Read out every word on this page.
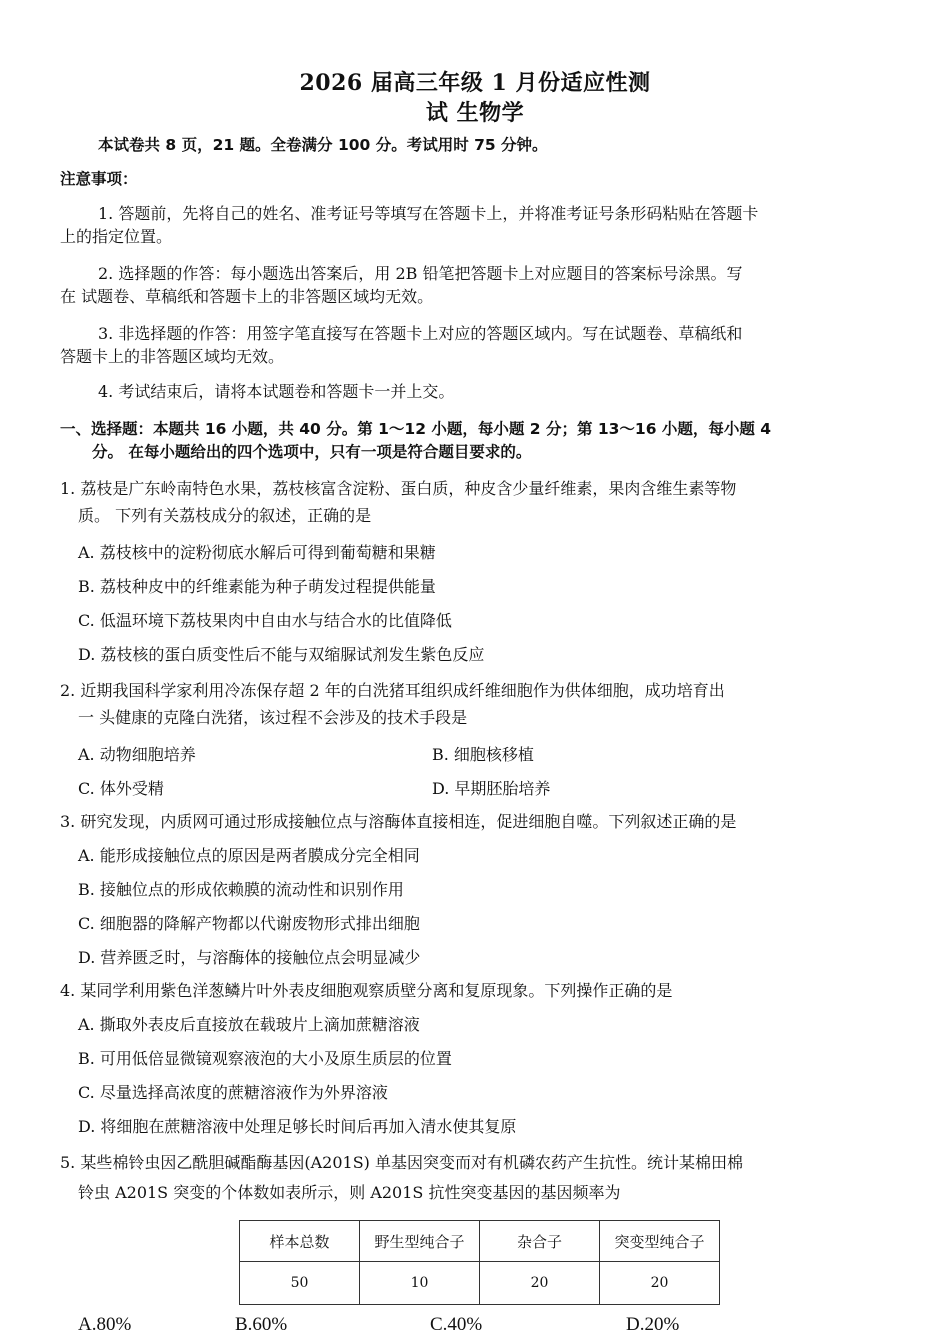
2026 届高三年级 1 月份适应性测
试 生物学
本试卷共 8 页，21 题。全卷满分 100 分。考试用时 75 分钟。
注意事项：
1. 答题前，先将自己的姓名、准考证号等填写在答题卡上，并将准考证号条形码粘贴在答题卡
上的指定位置。
2. 选择题的作答：每小题选出答案后，用 2B 铅笔把答题卡上对应题目的答案标号涂黑。写
在 试题卷、草稿纸和答题卡上的非答题区域均无效。
3. 非选择题的作答：用签字笔直接写在答题卡上对应的答题区域内。写在试题卷、草稿纸和
答题卡上的非答题区域均无效。
4. 考试结束后，请将本试题卷和答题卡一并上交。
一、选择题：本题共 16 小题，共 40 分。第 1～12 小题，每小题 2 分；第 13～16 小题，每小题 4
分。 在每小题给出的四个选项中，只有一项是符合题目要求的。
1. 荔枝是广东岭南特色水果，荔枝核富含淀粉、蛋白质，种皮含少量纤维素，果肉含维生素等物
质。 下列有关荔枝成分的叙述，正确的是
A. 荔枝核中的淀粉彻底水解后可得到葡萄糖和果糖
B. 荔枝种皮中的纤维素能为种子萌发过程提供能量
C. 低温环境下荔枝果肉中自由水与结合水的比值降低
D. 荔枝核的蛋白质变性后不能与双缩脲试剂发生紫色反应
2. 近期我国科学家利用冷冻保存超 2 年的白洗猪耳组织成纤维细胞作为供体细胞，成功培育出
一 头健康的克隆白洗猪，该过程不会涉及的技术手段是
A. 动物细胞培养	B. 细胞核移植
C. 体外受精	D. 早期胚胎培养
3. 研究发现，内质网可通过形成接触位点与溶酶体直接相连，促进细胞自噬。下列叙述正确的是
A. 能形成接触位点的原因是两者膜成分完全相同
B. 接触位点的形成依赖膜的流动性和识别作用
C. 细胞器的降解产物都以代谢废物形式排出细胞
D. 营养匮乏时，与溶酶体的接触位点会明显减少
4. 某同学利用紫色洋葱鳞片叶外表皮细胞观察质壁分离和复原现象。下列操作正确的是
A. 撕取外表皮后直接放在载玻片上滴加蔗糖溶液
B. 可用低倍显微镜观察液泡的大小及原生质层的位置
C. 尽量选择高浓度的蔗糖溶液作为外界溶液
D. 将细胞在蔗糖溶液中处理足够长时间后再加入清水使其复原
5. 某些棉铃虫因乙酰胆碱酯酶基因(A201S) 单基因突变而对有机磷农药产生抗性。统计某棉田棉
铃虫 A201S 突变的个体数如表所示，则 A201S 抗性突变基因的基因频率为
样本总数	野生型纯合子	杂合子	突变型纯合子
50	10	20	20
A.80%	B.60%	C.40%	D.20%
